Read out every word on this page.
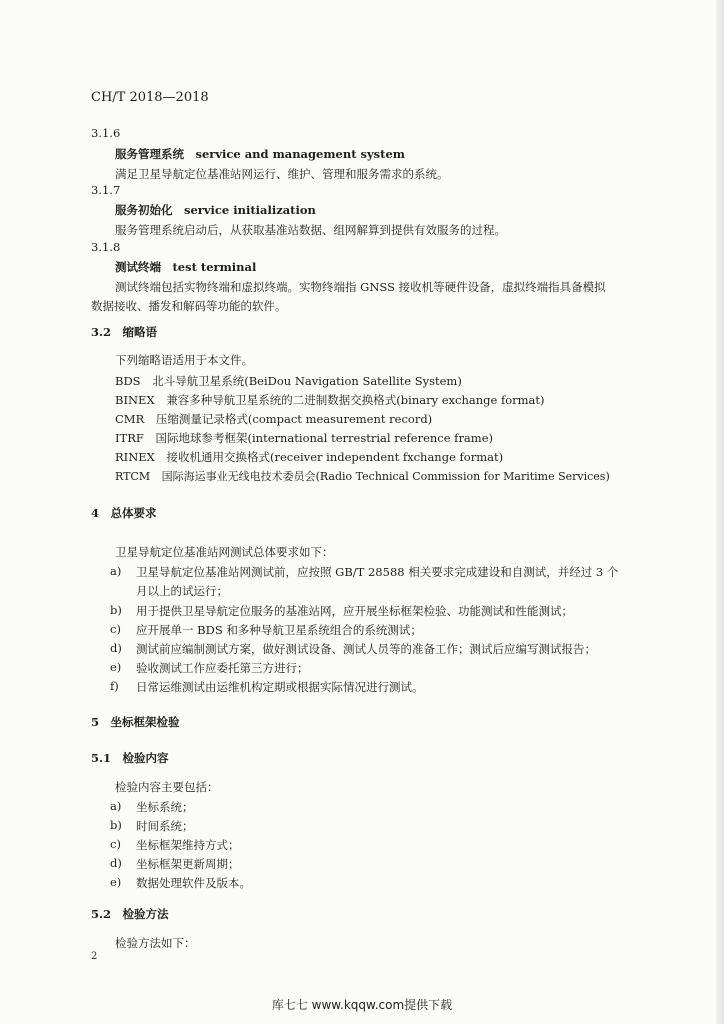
CH/T 2018—2018
3.1.6
服务管理系统　service and management system
满足卫星导航定位基准站网运行、维护、管理和服务需求的系统。
3.1.7
服务初始化　service initialization
服务管理系统启动后，从获取基准站数据、组网解算到提供有效服务的过程。
3.1.8
测试终端　test terminal
测试终端包括实物终端和虚拟终端。实物终端指 GNSS 接收机等硬件设备，虚拟终端指具备模拟
数据接收、播发和解码等功能的软件。
3.2　缩略语
下列缩略语适用于本文件。
BDS 北斗导航卫星系统(BeiDou Navigation Satellite System)
BINEX 兼容多种导航卫星系统的二进制数据交换格式(binary exchange format)
CMR 压缩测量记录格式(compact measurement record)
ITRF 国际地球参考框架(international terrestrial reference frame)
RINEX 接收机通用交换格式(receiver independent fxchange format)
RTCM 国际海运事业无线电技术委员会(Radio Technical Commission for Maritime Services)
4　总体要求
卫星导航定位基准站网测试总体要求如下：
a) 卫星导航定位基准站网测试前，应按照 GB/T 28588 相关要求完成建设和自测试，并经过 3 个
月以上的试运行；
b) 用于提供卫星导航定位服务的基准站网，应开展坐标框架检验、功能测试和性能测试；
c) 应开展单一 BDS 和多种导航卫星系统组合的系统测试；
d) 测试前应编制测试方案，做好测试设备、测试人员等的准备工作；测试后应编写测试报告；
e) 验收测试工作应委托第三方进行；
f) 日常运维测试由运维机构定期或根据实际情况进行测试。
5　坐标框架检验
5.1　检验内容
检验内容主要包括：
a) 坐标系统；
b) 时间系统；
c) 坐标框架维持方式；
d) 坐标框架更新周期；
e) 数据处理软件及版本。
5.2　检验方法
检验方法如下：
2
库七七 www.kqqw.com提供下载
